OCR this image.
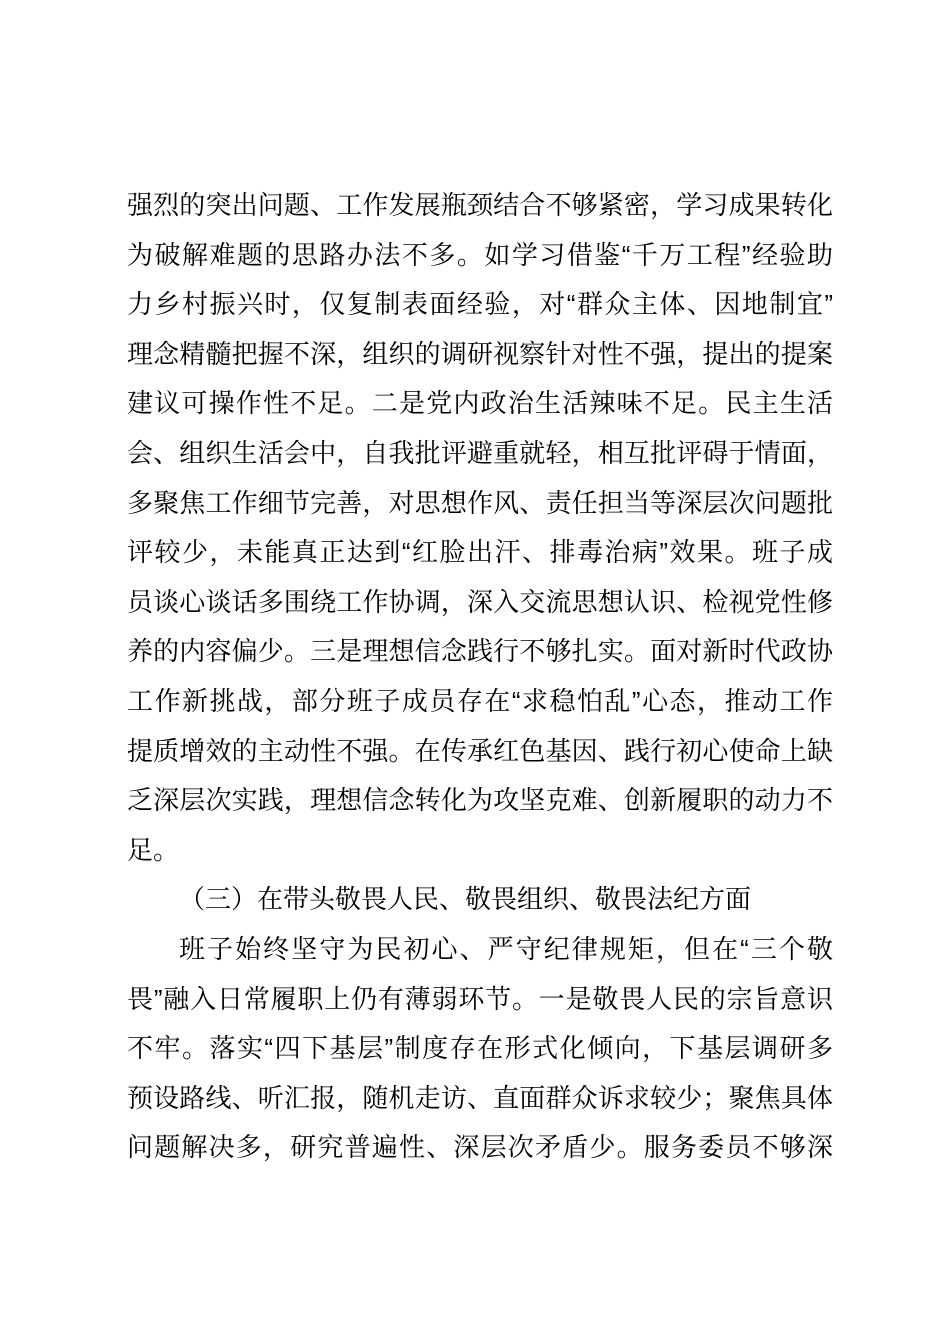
强烈的突出问题、工作发展瓶颈结合不够紧密，学习成果转化
为破解难题的思路办法不多。如学习借鉴“千万工程”经验助
力乡村振兴时，仅复制表面经验，对“群众主体、因地制宜”
理念精髓把握不深，组织的调研视察针对性不强，提出的提案
建议可操作性不足。二是党内政治生活辣味不足。民主生活
会、组织生活会中，自我批评避重就轻，相互批评碍于情面，
多聚焦工作细节完善，对思想作风、责任担当等深层次问题批
评较少，未能真正达到“红脸出汗、排毒治病”效果。班子成
员谈心谈话多围绕工作协调，深入交流思想认识、检视党性修
养的内容偏少。三是理想信念践行不够扎实。面对新时代政协
工作新挑战，部分班子成员存在“求稳怕乱”心态，推动工作
提质增效的主动性不强。在传承红色基因、践行初心使命上缺
乏深层次实践，理想信念转化为攻坚克难、创新履职的动力不
足。
（三）在带头敬畏人民、敬畏组织、敬畏法纪方面
班子始终坚守为民初心、严守纪律规矩，但在“三个敬
畏”融入日常履职上仍有薄弱环节。一是敬畏人民的宗旨意识
不牢。落实“四下基层”制度存在形式化倾向，下基层调研多
预设路线、听汇报，随机走访、直面群众诉求较少；聚焦具体
问题解决多，研究普遍性、深层次矛盾少。服务委员不够深
